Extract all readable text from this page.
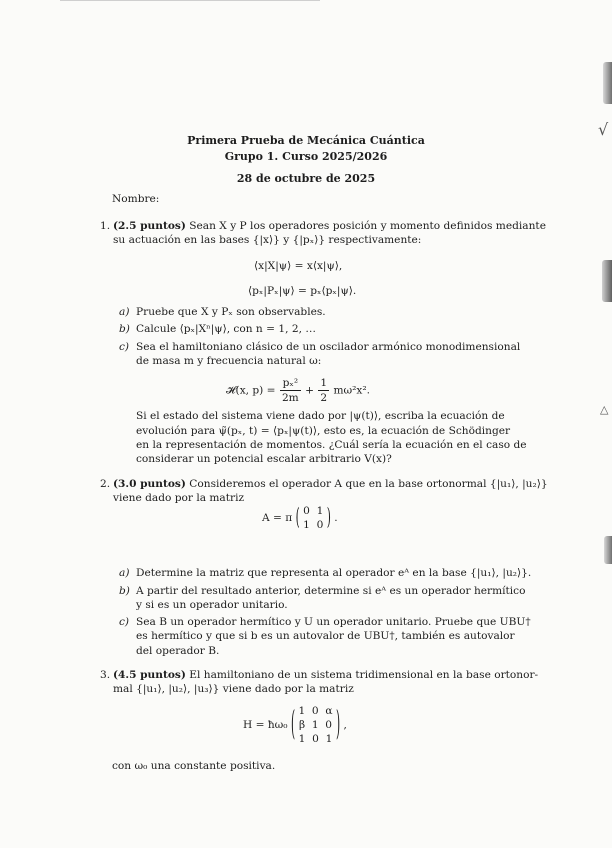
√
△
Primera Prueba de Mecánica Cuántica
Grupo 1. Curso 2025/2026
28 de octubre de 2025
Nombre:
1. (2.5 puntos) Sean X y P los operadores posición y momento definidos mediante
su actuación en las bases {|x⟩} y {|pₓ⟩} respectivamente:
⟨x|X|ψ⟩ = x⟨x|ψ⟩,
⟨pₓ|Pₓ|ψ⟩ = pₓ⟨pₓ|ψ⟩.
a) Pruebe que X y Pₓ son observables.
b) Calcule ⟨pₓ|Xⁿ|ψ⟩, con n = 1, 2, …
c) Sea el hamiltoniano clásico de un oscilador armónico monodimensional
de masa m y frecuencia natural ω:
𝓗(x, $p) = \frac{\text{pₓ²}}{2m} + \frac{1}{2} m\omega^2x^2$.
Si el estado del sistema viene dado por |ψ(t)⟩, escriba la ecuación de
evolución para ψ̃(pₓ, t) = ⟨pₓ|ψ(t)⟩, esto es, la ecuación de Schödinger
en la representación de momentos. ¿Cuál sería la ecuación en el caso de
considerar un potencial escalar arbitrario V(x)?
2. (3.0 puntos) Consideremos el operador A que en la base ortonormal {|u₁⟩, |u₂⟩}
viene dado por la matriz
A = π ( 0  1
1  0 ) .
a) Determine la matriz que representa al operador eᴬ en la base {|u₁⟩, |u₂⟩}.
b) A partir del resultado anterior, determine si eᴬ es un operador hermítico
y si es un operador unitario.
c) Sea B un operador hermítico y U un operador unitario. Pruebe que UBU†
es hermítico y que si b es un autovalor de UBU†, también es autovalor
del operador B.
3. (4.5 puntos) El hamiltoniano de un sistema tridimensional en la base ortonor-
mal {|u₁⟩, |u₂⟩, |u₃⟩} viene dado por la matriz
H = ħω₀ ( 1  0  α
β  1  0
1  0  1 ) ,
con ω₀ una constante positiva.
